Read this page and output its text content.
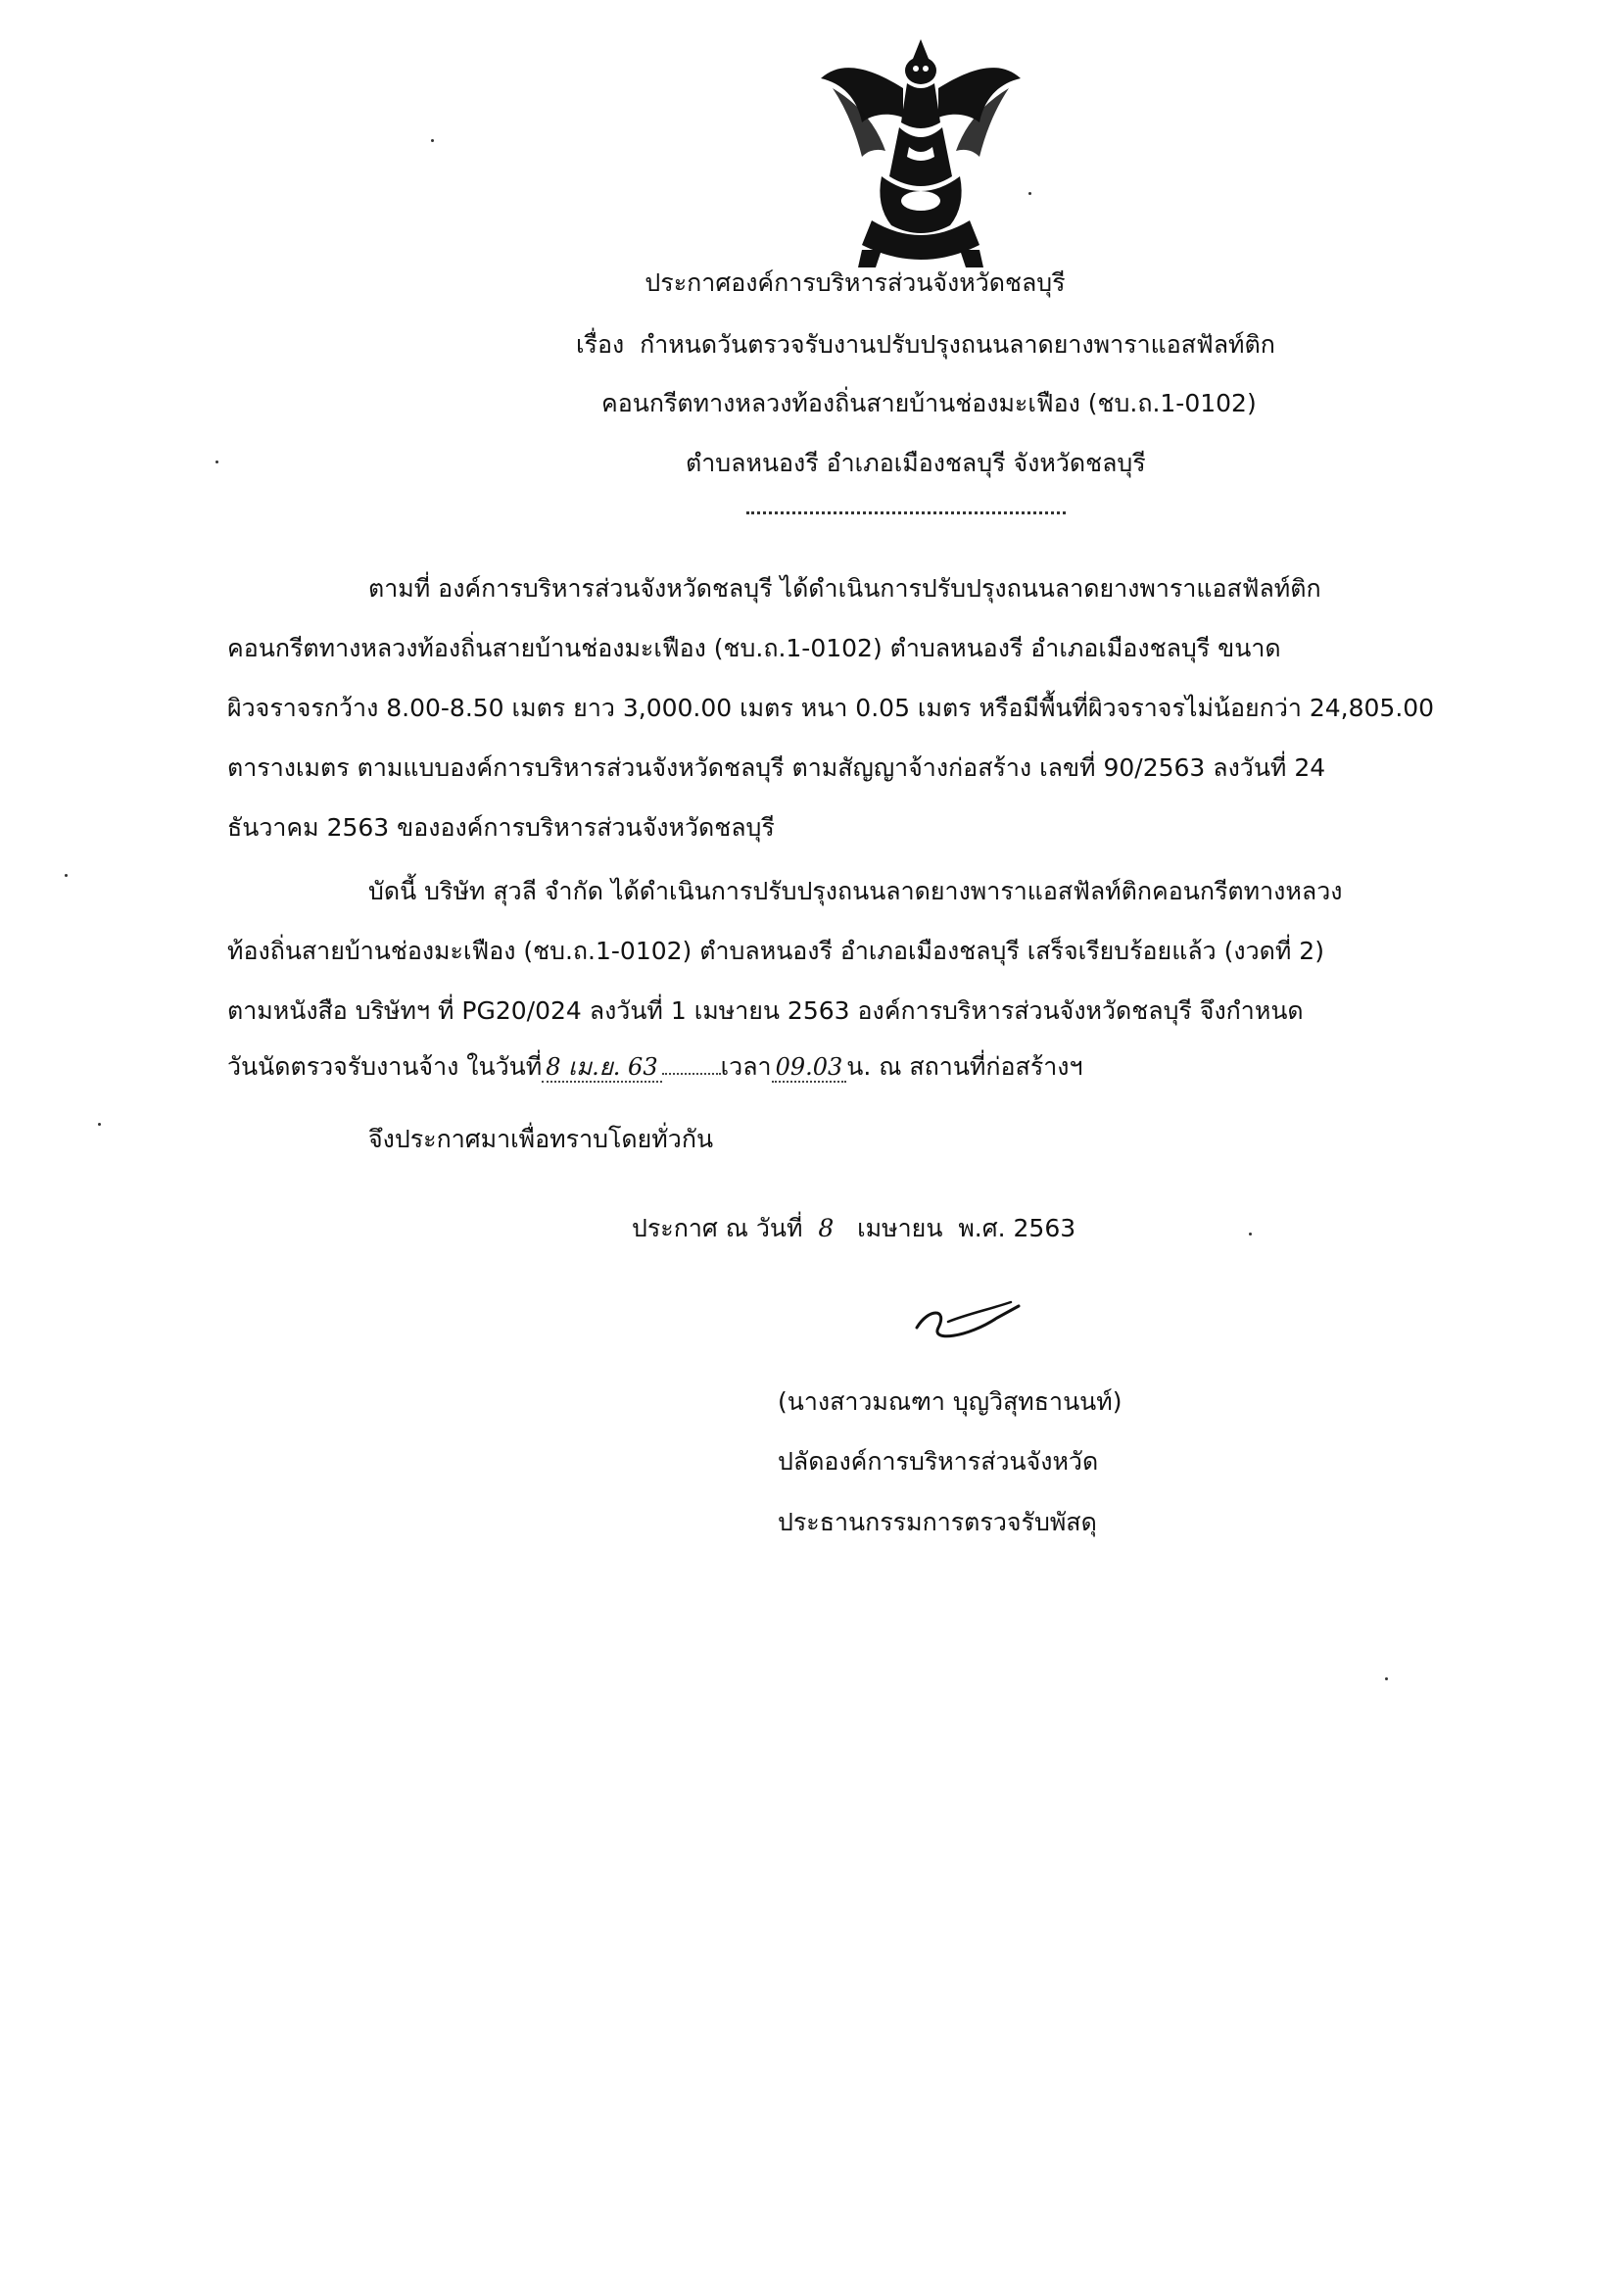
ประกาศองค์การบริหารส่วนจังหวัดชลบุรี
เรื่อง กำหนดวันตรวจรับงานปรับปรุงถนนลาดยางพาราแอสฟัลท์ติก
คอนกรีตทางหลวงท้องถิ่นสายบ้านช่องมะเฟือง (ชบ.ถ.1-0102)
ตำบลหนองรี อำเภอเมืองชลบุรี จังหวัดชลบุรี
ตามที่ องค์การบริหารส่วนจังหวัดชลบุรี ได้ดำเนินการปรับปรุงถนนลาดยางพาราแอสฟัลท์ติก
คอนกรีตทางหลวงท้องถิ่นสายบ้านช่องมะเฟือง (ชบ.ถ.1-0102) ตำบลหนองรี อำเภอเมืองชลบุรี ขนาด
ผิวจราจรกว้าง 8.00-8.50 เมตร ยาว 3,000.00 เมตร หนา 0.05 เมตร หรือมีพื้นที่ผิวจราจรไม่น้อยกว่า 24,805.00
ตารางเมตร ตามแบบองค์การบริหารส่วนจังหวัดชลบุรี ตามสัญญาจ้างก่อสร้าง เลขที่ 90/2563 ลงวันที่ 24
ธันวาคม 2563 ขององค์การบริหารส่วนจังหวัดชลบุรี
บัดนี้ บริษัท สุวลี จำกัด ได้ดำเนินการปรับปรุงถนนลาดยางพาราแอสฟัลท์ติกคอนกรีตทางหลวง
ท้องถิ่นสายบ้านช่องมะเฟือง (ชบ.ถ.1-0102) ตำบลหนองรี อำเภอเมืองชลบุรี เสร็จเรียบร้อยแล้ว (งวดที่ 2)
ตามหนังสือ บริษัทฯ ที่ PG20/024 ลงวันที่ 1 เมษายน 2563 องค์การบริหารส่วนจังหวัดชลบุรี จึงกำหนด
วันนัดตรวจรับงานจ้าง ในวันที่ 8 เม.ย. 63	เวลา 09.03 น. ณ สถานที่ก่อสร้างฯ
จึงประกาศมาเพื่อทราบโดยทั่วกัน
ประกาศ ณ วันที่ 8 เมษายน พ.ศ. 2563
(นางสาวมณฑา บุญวิสุทธานนท์)
ปลัดองค์การบริหารส่วนจังหวัด
ประธานกรรมการตรวจรับพัสดุ
